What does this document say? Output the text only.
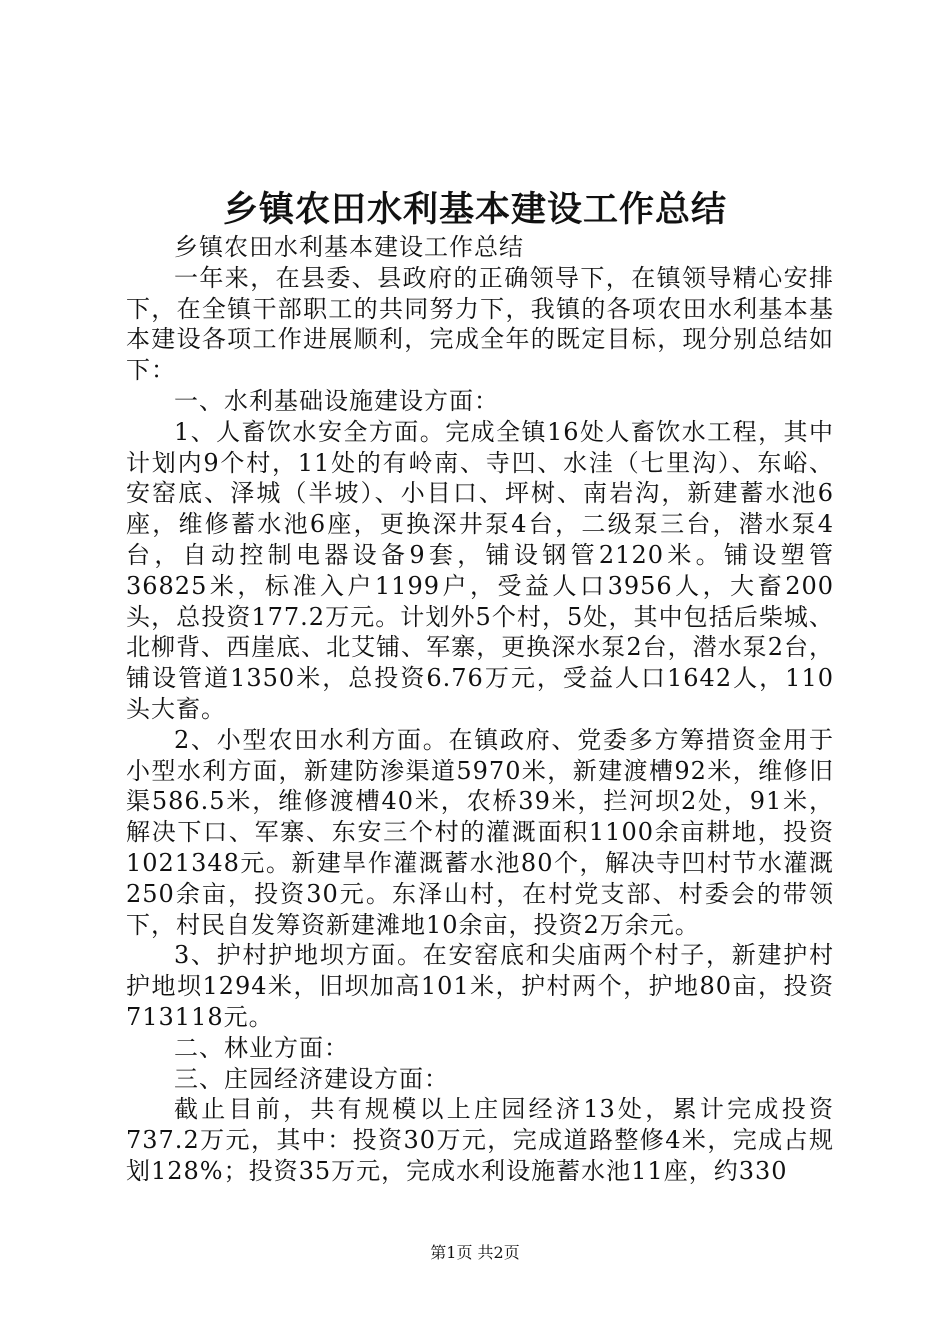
乡镇农田水利基本建设工作总结

乡镇农田水利基本建设工作总结

一年来，在县委、县政府的正确领导下，在镇领导精心安排下，在全镇干部职工的共同努力下，我镇的各项农田水利基本基本建设各项工作进展顺利，完成全年的既定目标，现分别总结如下：

一、水利基础设施建设方面：

1、人畜饮水安全方面。完成全镇16处人畜饮水工程，其中计划内9个村，11处的有岭南、寺凹、水洼（七里沟）、东峪、安窑底、泽城（半坡）、小目口、坪树、南岩沟，新建蓄水池6座，维修蓄水池6座，更换深井泵4台，二级泵三台，潜水泵4台，自动控制电器设备9套，铺设钢管2120米。铺设塑管36825米，标准入户1199户，受益人口3956人，大畜200头，总投资177.2万元。计划外5个村，5处，其中包括后柴城、北柳背、西崖底、北艾铺、军寨，更换深水泵2台，潜水泵2台，铺设管道1350米，总投资6.76万元，受益人口1642人，110头大畜。

2、小型农田水利方面。在镇政府、党委多方筹措资金用于小型水利方面，新建防渗渠道5970米，新建渡槽92米，维修旧渠586.5米，维修渡槽40米，农桥39米，拦河坝2处，91米，解决下口、军寨、东安三个村的灌溉面积1100余亩耕地，投资1021348元。新建旱作灌溉蓄水池80个，解决寺凹村节水灌溉250余亩，投资30元。东泽山村，在村党支部、村委会的带领下，村民自发筹资新建滩地10余亩，投资2万余元。

3、护村护地坝方面。在安窑底和尖庙两个村子，新建护村护地坝1294米，旧坝加高101米，护村两个，护地80亩，投资713118元。

二、林业方面：

三、庄园经济建设方面：

截止目前，共有规模以上庄园经济13处，累计完成投资737.2万元，其中：投资30万元，完成道路整修4米，完成占规划128%；投资35万元，完成水利设施蓄水池11座，约330

第1页 共2页
